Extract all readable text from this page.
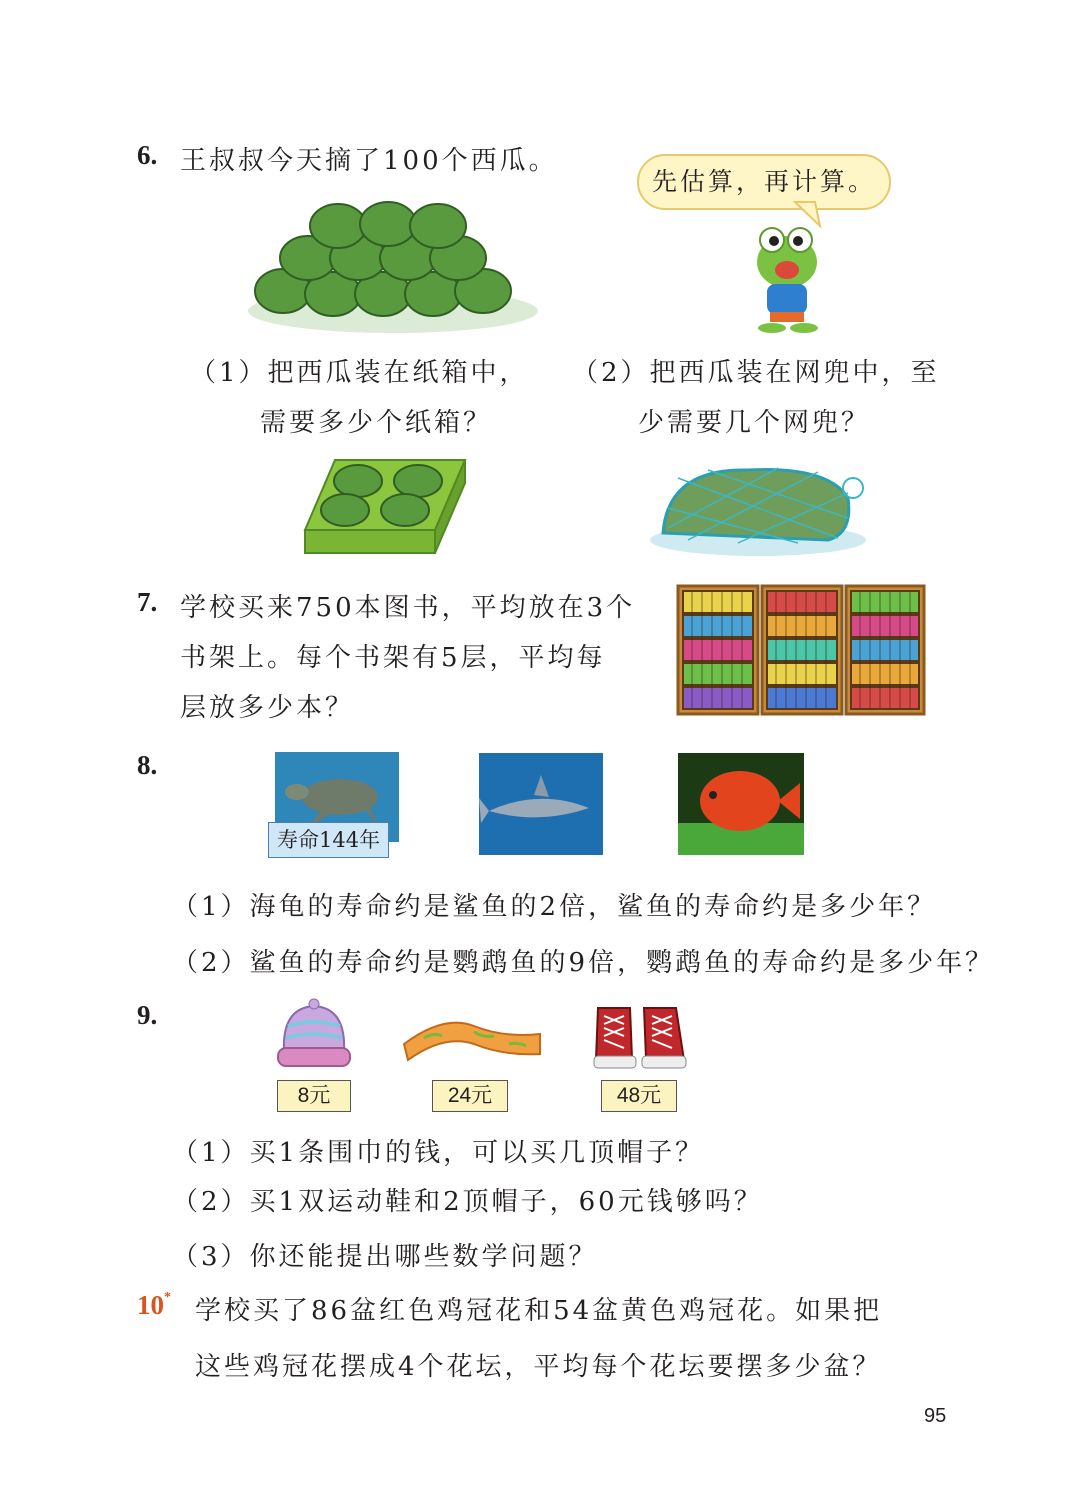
6. 王叔叔今天摘了100个西瓜。
先估算，再计算。
（1）把西瓜装在纸箱中，
需要多少个纸箱？
（2）把西瓜装在网兜中，至
少需要几个网兜？
7. 学校买来750本图书，平均放在3个
书架上。每个书架有5层，平均每
层放多少本？
8.
寿命144年
（1）海龟的寿命约是鲨鱼的2倍，鲨鱼的寿命约是多少年？
（2）鲨鱼的寿命约是鹦鹉鱼的9倍，鹦鹉鱼的寿命约是多少年？
9.
8元	24元	48元
（1）买1条围巾的钱，可以买几顶帽子？
（2）买1双运动鞋和2顶帽子，60元钱够吗？
（3）你还能提出哪些数学问题？
10* 学校买了86盆红色鸡冠花和54盆黄色鸡冠花。如果把
这些鸡冠花摆成4个花坛，平均每个花坛要摆多少盆？
95
